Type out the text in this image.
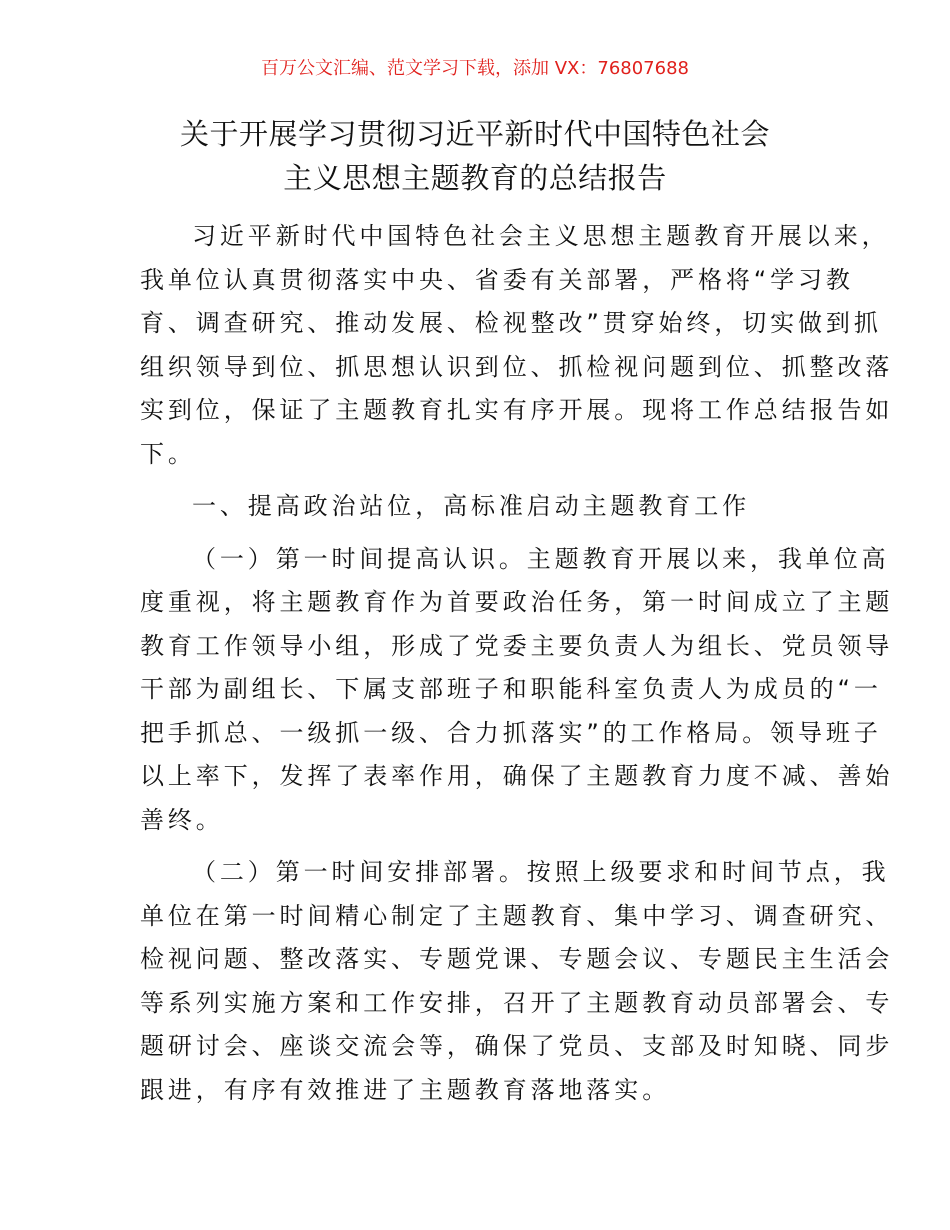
百万公文汇编、范文学习下载，添加 VX：76807688
关于开展学习贯彻习近平新时代中国特色社会
主义思想主题教育的总结报告

习近平新时代中国特色社会主义思想主题教育开展以来，
我单位认真贯彻落实中央、省委有关部署，严格将“学习教
育、调查研究、推动发展、检视整改”贯穿始终，切实做到抓
组织领导到位、抓思想认识到位、抓检视问题到位、抓整改落
实到位，保证了主题教育扎实有序开展。现将工作总结报告如
下。

一、提高政治站位，高标准启动主题教育工作

（一）第一时间提高认识。主题教育开展以来，我单位高
度重视，将主题教育作为首要政治任务，第一时间成立了主题
教育工作领导小组，形成了党委主要负责人为组长、党员领导
干部为副组长、下属支部班子和职能科室负责人为成员的“一
把手抓总、一级抓一级、合力抓落实”的工作格局。领导班子
以上率下，发挥了表率作用，确保了主题教育力度不减、善始
善终。

（二）第一时间安排部署。按照上级要求和时间节点，我
单位在第一时间精心制定了主题教育、集中学习、调查研究、
检视问题、整改落实、专题党课、专题会议、专题民主生活会
等系列实施方案和工作安排，召开了主题教育动员部署会、专
题研讨会、座谈交流会等，确保了党员、支部及时知晓、同步
跟进，有序有效推进了主题教育落地落实。
